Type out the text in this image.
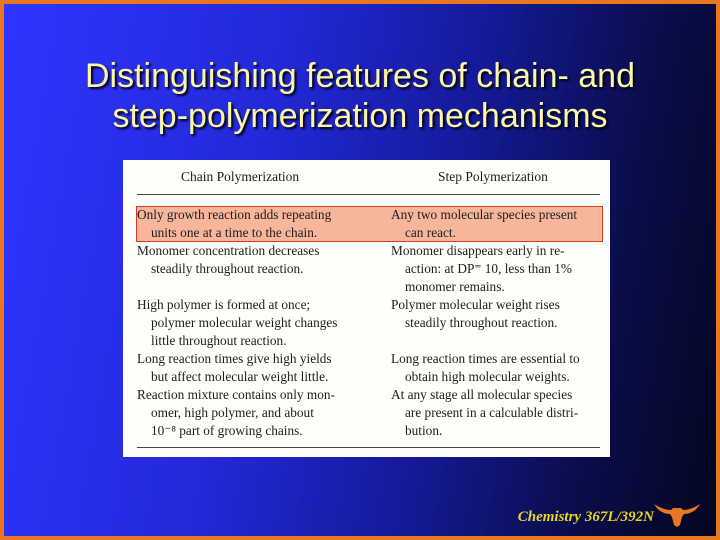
Distinguishing features of chain- and
step-polymerization mechanisms
Chain Polymerization	Step Polymerization
Only growth reaction adds repeating
units one at a time to the chain.
Monomer concentration decreases
steadily throughout reaction.
High polymer is formed at once;
polymer molecular weight changes
little throughout reaction.
Long reaction times give high yields
but affect molecular weight little.
Reaction mixture contains only mon-
omer, high polymer, and about
10⁻⁸ part of growing chains.
Any two molecular species present
can react.
Monomer disappears early in re-
action: at DP⁼ 10, less than 1%
monomer remains.
Polymer molecular weight rises
steadily throughout reaction.
Long reaction times are essential to
obtain high molecular weights.
At any stage all molecular species
are present in a calculable distri-
bution.
Chemistry 367L/392N
